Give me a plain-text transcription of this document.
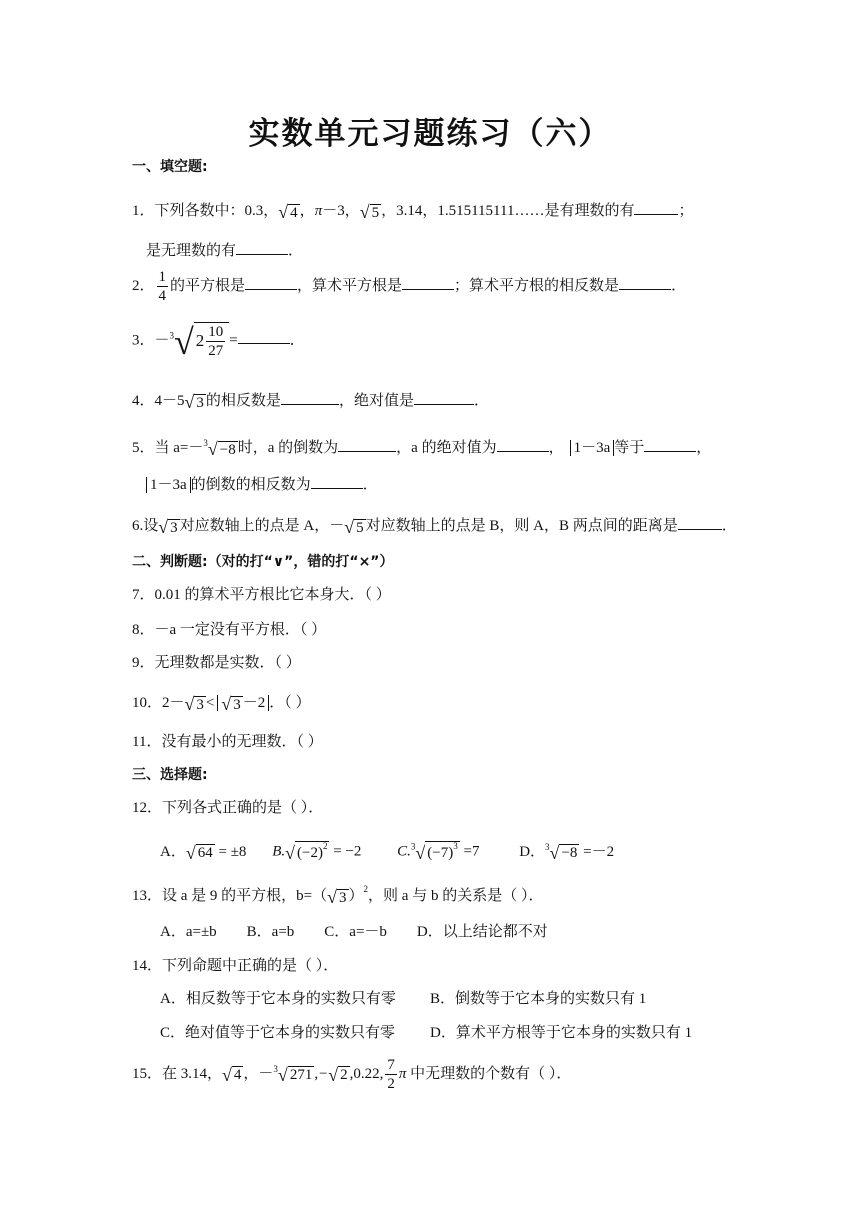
实数单元习题练习（六）
一、填空题:
1．下列各数中：0.3， √ 4 ，π－3， √ 5 ，3.14，1.515115111……是有理数的有	；
是无理数的有	．
2． $\frac{1}{4}$ 的平方根是	，算术平方根是	；算术平方根的相反数是	．
3．－$^3$ √ $2 \frac{10}{27}$ =	．
4．4－5 √ 3 的相反数是	，绝对值是	．
5．当 a=－$^3$ √ −8 时，a 的倒数为	，a 的绝对值为	， 1－3a 等于	，
1－3a 的倒数的相反数为	．
6.设 √ 3 对应数轴上的点是 A，－ √ 5 对应数轴上的点是 B，则 A，B 两点间的距离是	．
二、判断题:（对的打“∨”，错的打“×”）
7．0.01 的算术平方根比它本身大．（ ）
8．－a 一定没有平方根．（ ）
9．无理数都是实数．（ ）
10．2－ √ 3 < √ 3 －2 ．（ ）
11．没有最小的无理数．（ ）
三、选择题:
12．下列各式正确的是（ ）．
A． √ 64 = ±8 B. √ $(-2)^2 = -2$ C.$^3$ √ $(-7)^3 =7$	D．$^3$ √ −8 =－2
13．设 a 是 9 的平方根，b=（ √ 3 ）$^2$，则 a 与 b 的关系是（ ）．
A．a=±b        B．a=b        C．a=－b        D．以上结论都不对
14．下列命题中正确的是（ ）．
A．相反数等于它本身的实数只有零 B．倒数等于它本身的实数只有 1
C．绝对值等于它本身的实数只有零 D．算术平方根等于它本身的实数只有 1
15．在 3.14， √ 4 ，－$^3$ √ 271 ,− √ 2 ,0.22, $\frac{7}{2}$ π 中无理数的个数有（ ）．
